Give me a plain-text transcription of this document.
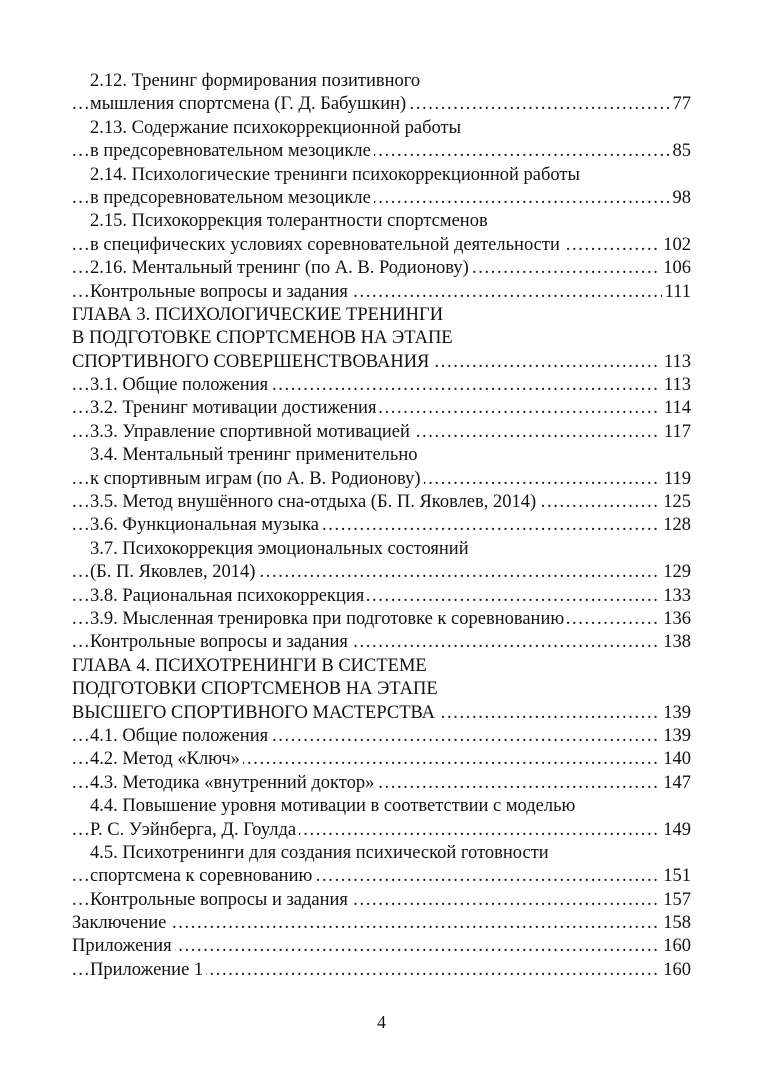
2.12. Тренинг формирования позитивного
мышления спортсмена (Г. Д. Бабушкин)	77
. . .
2.13. Содержание психокоррекционной работы
в предсоревновательном мезоцикле	85
. . .
2.14. Психологические тренинги психокоррекционной работы
в предсоревновательном мезоцикле	98
. . .
2.15. Психокоррекция толерантности спортсменов
в специфических условиях соревновательной деятельности	102
. . .
2.16. Ментальный тренинг (по А. В. Родионову)	106
. . .
Контрольные вопросы и задания	111
. . .
ГЛАВА 3. ПСИХОЛОГИЧЕСКИЕ ТРЕНИНГИ
В ПОДГОТОВКЕ СПОРТСМЕНОВ НА ЭТАПЕ
СПОРТИВНОГО СОВЕРШЕНСТВОВАНИЯ	113
. . .
3.1. Общие положения	113
. . .
3.2. Тренинг мотивации достижения	114
. . .
3.3. Управление спортивной мотивацией	117
. . .
3.4. Ментальный тренинг применительно
к спортивным играм (по А. В. Родионову)	119
. . .
3.5. Метод внушённого сна-отдыха (Б. П. Яковлев, 2014)	125
. . .
3.6. Функциональная музыка	128
. . .
3.7. Психокоррекция эмоциональных состояний
(Б. П. Яковлев, 2014)	129
. . .
3.8. Рациональная психокоррекция	133
. . .
3.9. Мысленная тренировка при подготовке к соревнованию	136
. . .
Контрольные вопросы и задания	138
. . .
ГЛАВА 4. ПСИХОТРЕНИНГИ В СИСТЕМЕ
ПОДГОТОВКИ СПОРТСМЕНОВ НА ЭТАПЕ
ВЫСШЕГО СПОРТИВНОГО МАСТЕРСТВА	139
. . .
4.1. Общие положения	139
. . .
4.2. Метод «Ключ»	140
. . .
4.3. Методика «внутренний доктор»	147
. . .
4.4. Повышение уровня мотивации в соответствии с моделью
Р. С. Уэйнберга, Д. Гоулда	149
. . .
4.5. Психотренинги для создания психической готовности
спортсмена к соревнованию	151
. . .
Контрольные вопросы и задания	157
. . .
Заключение	158
. . .
Приложения	160
. . .
Приложение 1	160
. . .
4
